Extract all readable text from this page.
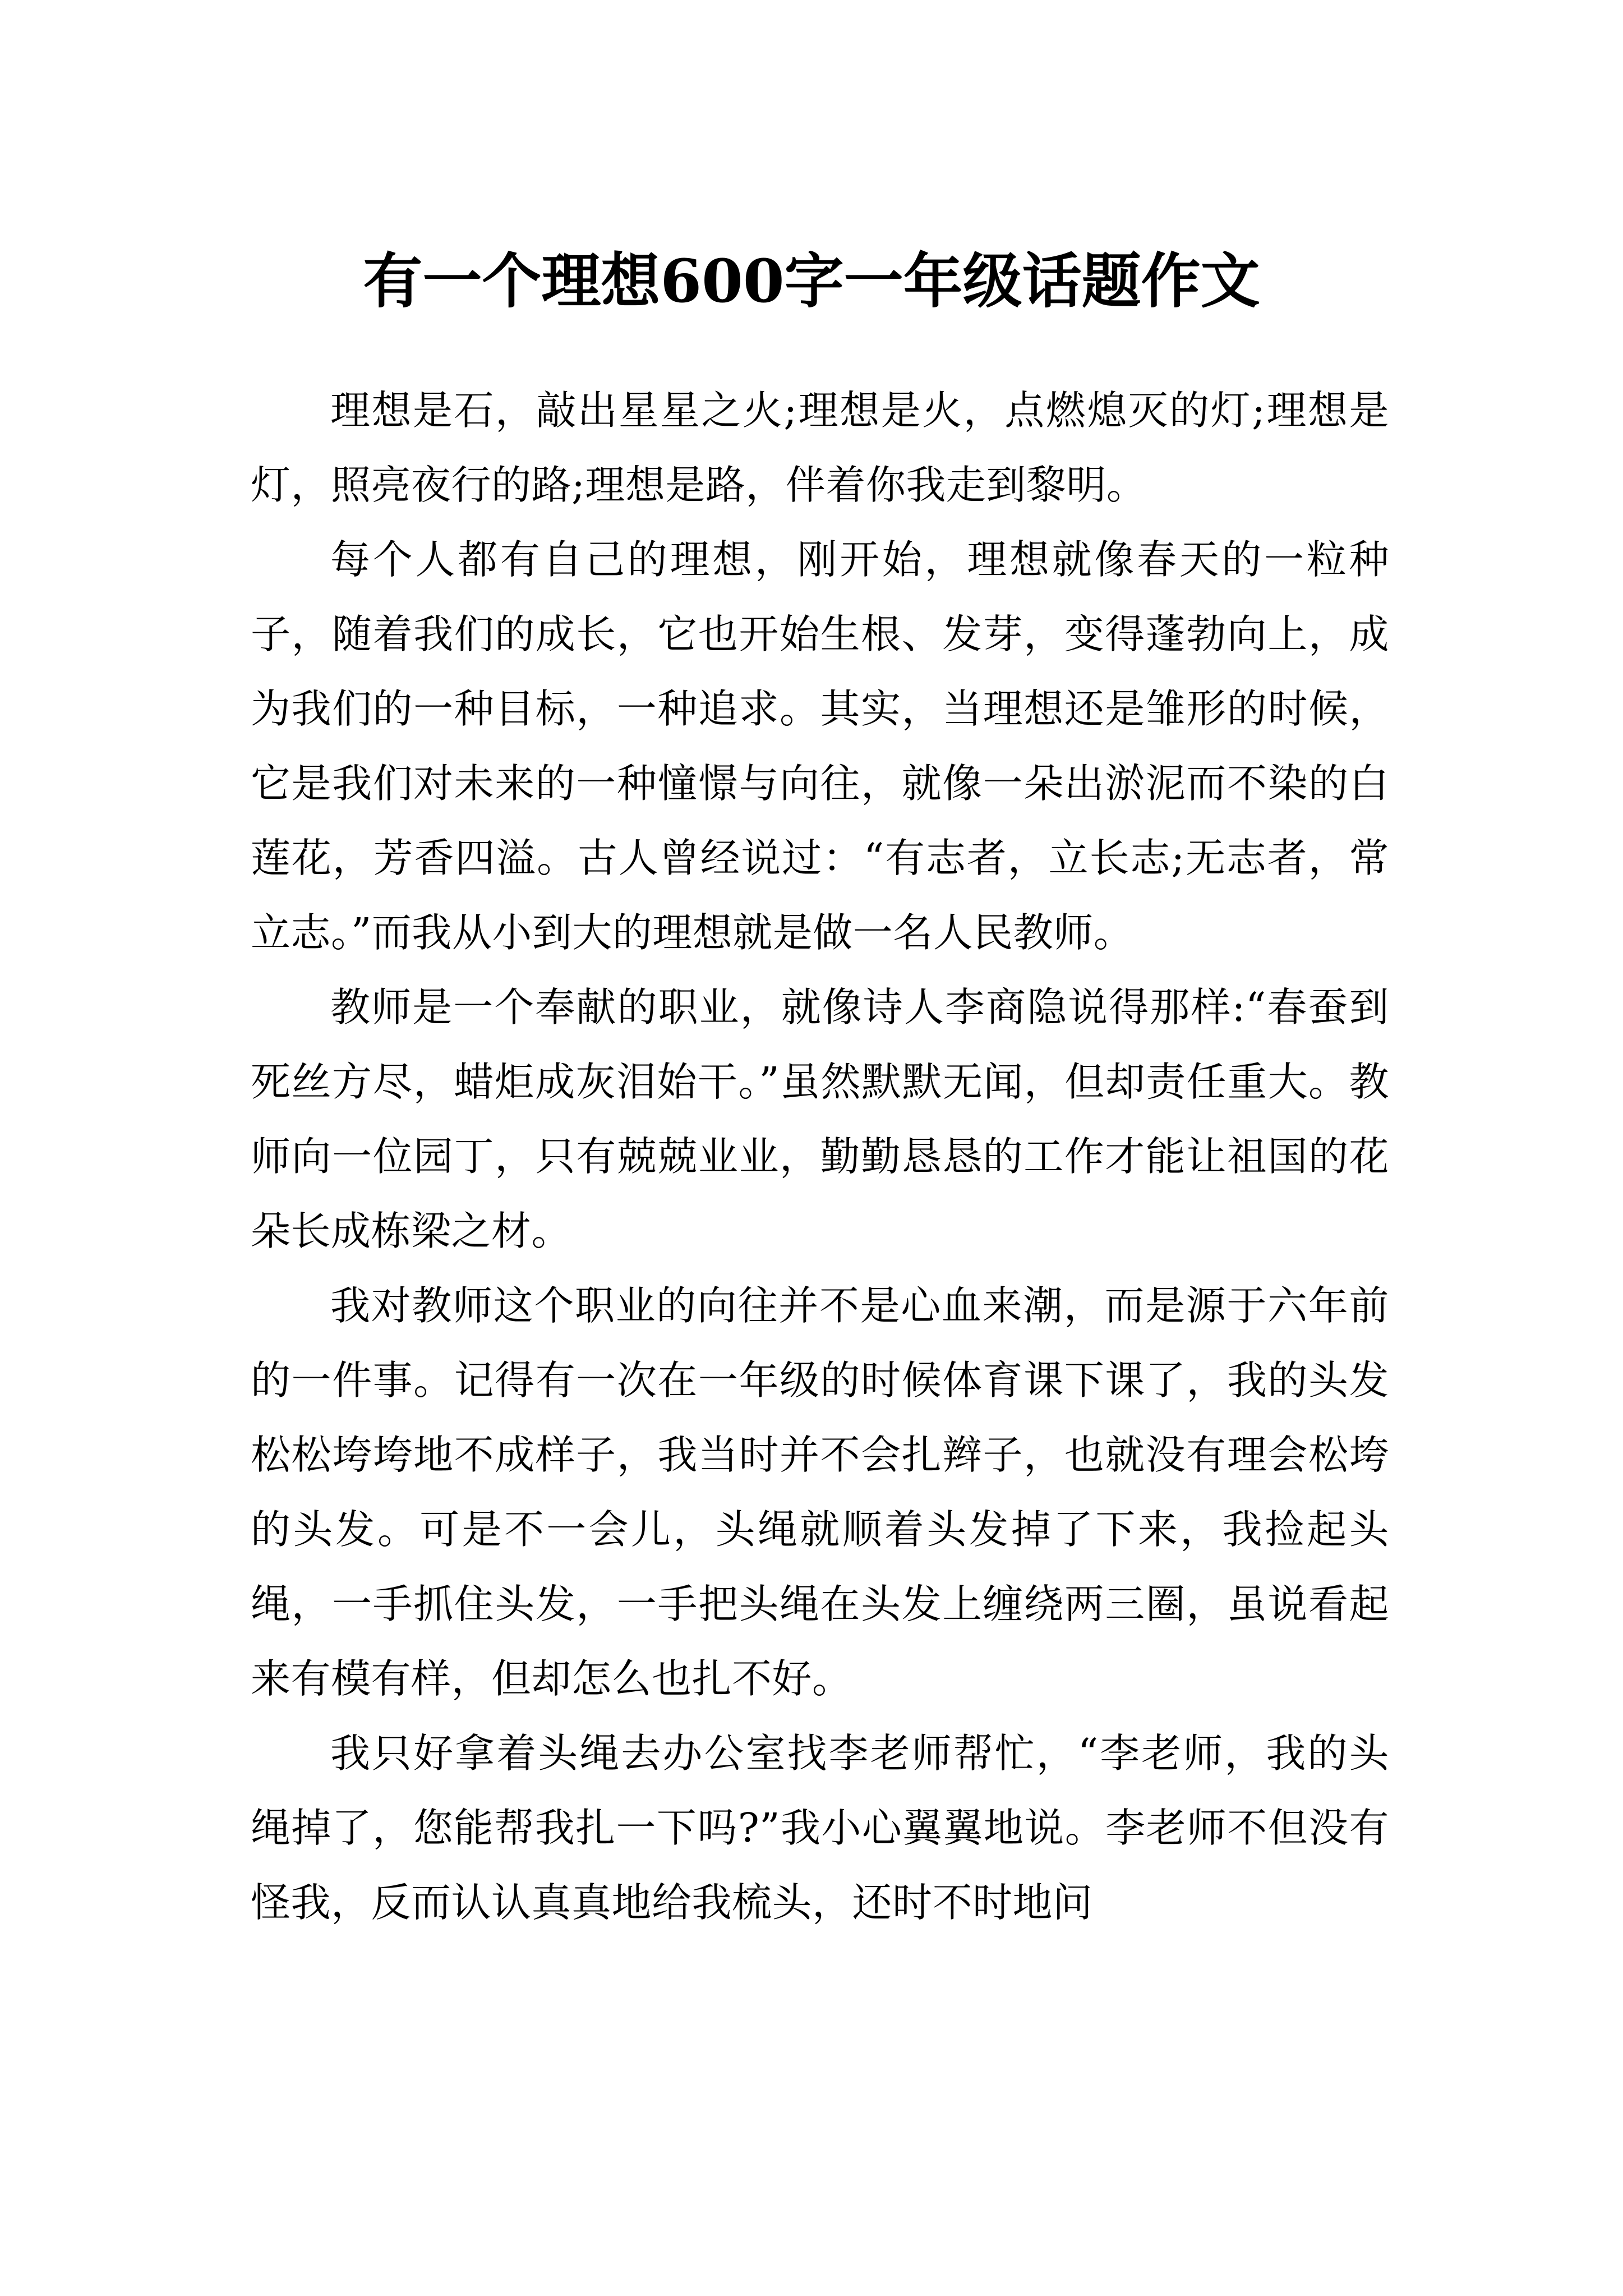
有一个理想600字一年级话题作文

理想是石，敲出星星之火;理想是火，点燃熄灭的灯;理想是灯，照亮夜行的路;理想是路，伴着你我走到黎明。

每个人都有自己的理想，刚开始，理想就像春天的一粒种子，随着我们的成长，它也开始生根、发芽，变得蓬勃向上，成为我们的一种目标，一种追求。其实，当理想还是雏形的时候，它是我们对未来的一种憧憬与向往，就像一朵出淤泥而不染的白莲花，芳香四溢。古人曾经说过：“有志者，立长志;无志者，常立志。”而我从小到大的理想就是做一名人民教师。

教师是一个奉献的职业，就像诗人李商隐说得那样:“春蚕到死丝方尽，蜡炬成灰泪始干。”虽然默默无闻，但却责任重大。教师向一位园丁，只有兢兢业业，勤勤恳恳的工作才能让祖国的花朵长成栋梁之材。

我对教师这个职业的向往并不是心血来潮，而是源于六年前的一件事。记得有一次在一年级的时候体育课下课了，我的头发松松垮垮地不成样子，我当时并不会扎辫子，也就没有理会松垮的头发。可是不一会儿，头绳就顺着头发掉了下来，我捡起头绳，一手抓住头发，一手把头绳在头发上缠绕两三圈，虽说看起来有模有样，但却怎么也扎不好。

我只好拿着头绳去办公室找李老师帮忙，“李老师，我的头绳掉了，您能帮我扎一下吗?”我小心翼翼地说。李老师不但没有怪我，反而认认真真地给我梳头，还时不时地问
